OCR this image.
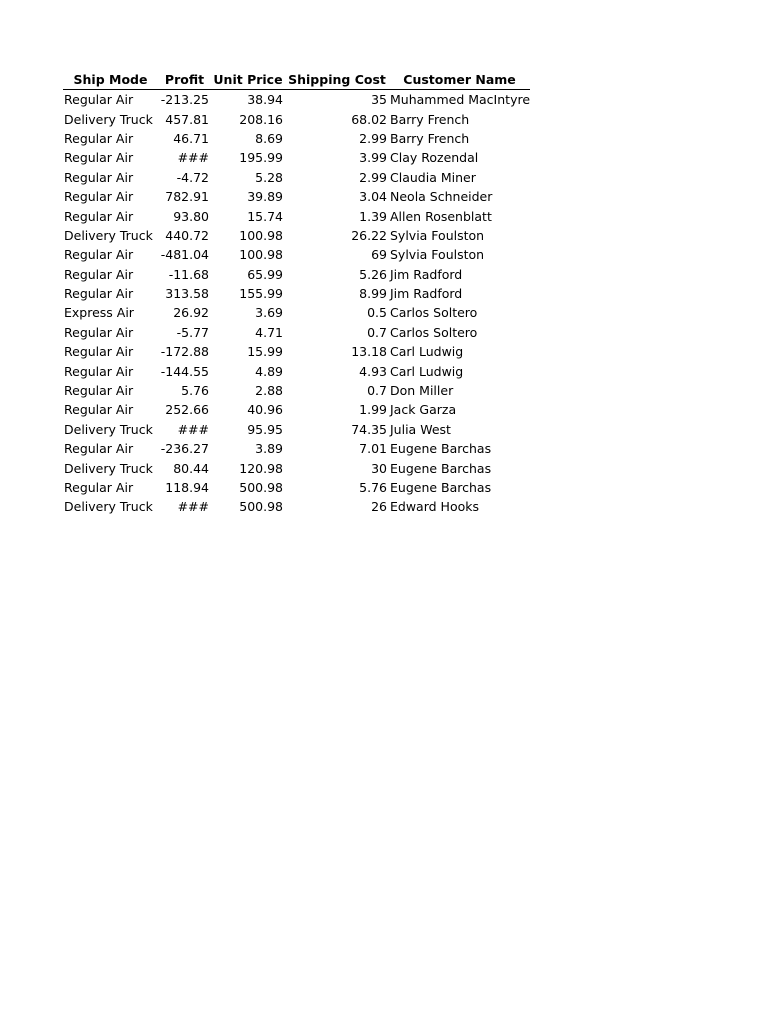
Ship Mode	Profit	Unit Price	Shipping Cost	Customer Name
Regular Air	-213.25	38.94	35	Muhammed MacIntyre
Delivery Truck	457.81	208.16	68.02	Barry French
Regular Air	46.71	8.69	2.99	Barry French
Regular Air	###	195.99	3.99	Clay Rozendal
Regular Air	-4.72	5.28	2.99	Claudia Miner
Regular Air	782.91	39.89	3.04	Neola Schneider
Regular Air	93.80	15.74	1.39	Allen Rosenblatt
Delivery Truck	440.72	100.98	26.22	Sylvia Foulston
Regular Air	-481.04	100.98	69	Sylvia Foulston
Regular Air	-11.68	65.99	5.26	Jim Radford
Regular Air	313.58	155.99	8.99	Jim Radford
Express Air	26.92	3.69	0.5	Carlos Soltero
Regular Air	-5.77	4.71	0.7	Carlos Soltero
Regular Air	-172.88	15.99	13.18	Carl Ludwig
Regular Air	-144.55	4.89	4.93	Carl Ludwig
Regular Air	5.76	2.88	0.7	Don Miller
Regular Air	252.66	40.96	1.99	Jack Garza
Delivery Truck	###	95.95	74.35	Julia West
Regular Air	-236.27	3.89	7.01	Eugene Barchas
Delivery Truck	80.44	120.98	30	Eugene Barchas
Regular Air	118.94	500.98	5.76	Eugene Barchas
Delivery Truck	###	500.98	26	Edward Hooks
